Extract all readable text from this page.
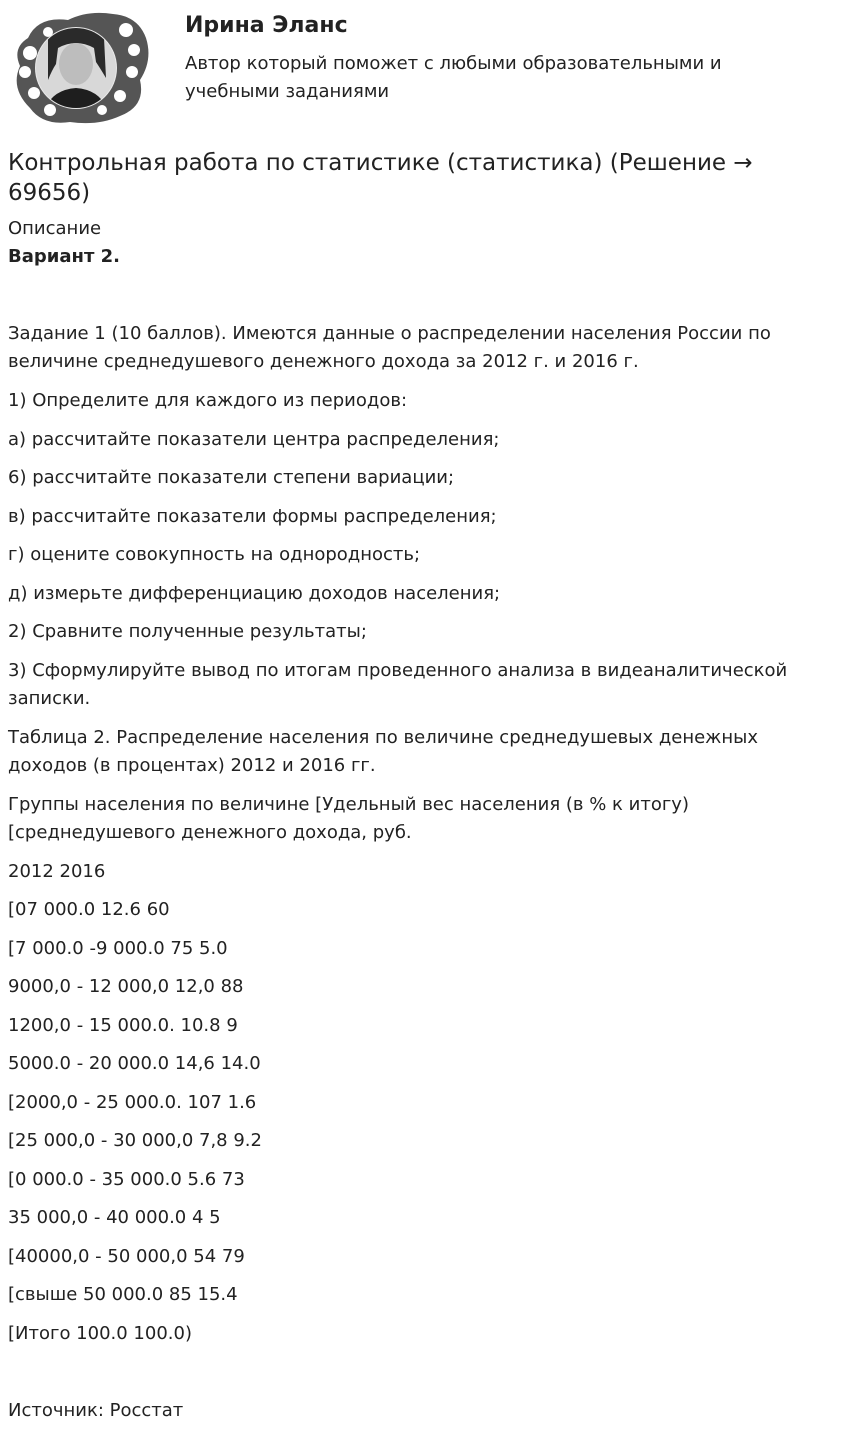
Ирина Эланс
Автор который поможет с любыми образовательными и учебными заданиями
Контрольная работа по статистике (статистика) (Решение → 69656)
Описание
Вариант 2.
Задание 1 (10 баллов). Имеются данные о распределении населения России по величине среднедушевого денежного дохода за 2012 г. и 2016 г.
1) Определите для каждого из периодов:
а) рассчитайте показатели центра распределения;
6) рассчитайте показатели степени вариации;
в) рассчитайте показатели формы распределения;
г) оцените совокупность на однородность;
д) измерьте дифференциацию доходов населения;
2) Сравните полученные результаты;
3) Сформулируйте вывод по итогам проведенного анализа в видеаналитической записки.
Таблица 2. Распределение населения по величине среднедушевых денежных доходов (в процентах) 2012 и 2016 гг.
Группы населения по величине [Удельный вес населения (в % к итогу) [среднедушевого денежного дохода, руб.
2012 2016
[07 000.0 12.6 60
[7 000.0 -9 000.0 75 5.0
9000,0 - 12 000,0 12,0 88
1200,0 - 15 000.0. 10.8 9
5000.0 - 20 000.0 14,6 14.0
[2000,0 - 25 000.0. 107 1.6
[25 000,0 - 30 000,0 7,8 9.2
[0 000.0 - 35 000.0 5.6 73
35 000,0 - 40 000.0 4 5
[40000,0 - 50 000,0 54 79
[свыше 50 000.0 85 15.4
[Итого 100.0 100.0)
Источник: Росстат
